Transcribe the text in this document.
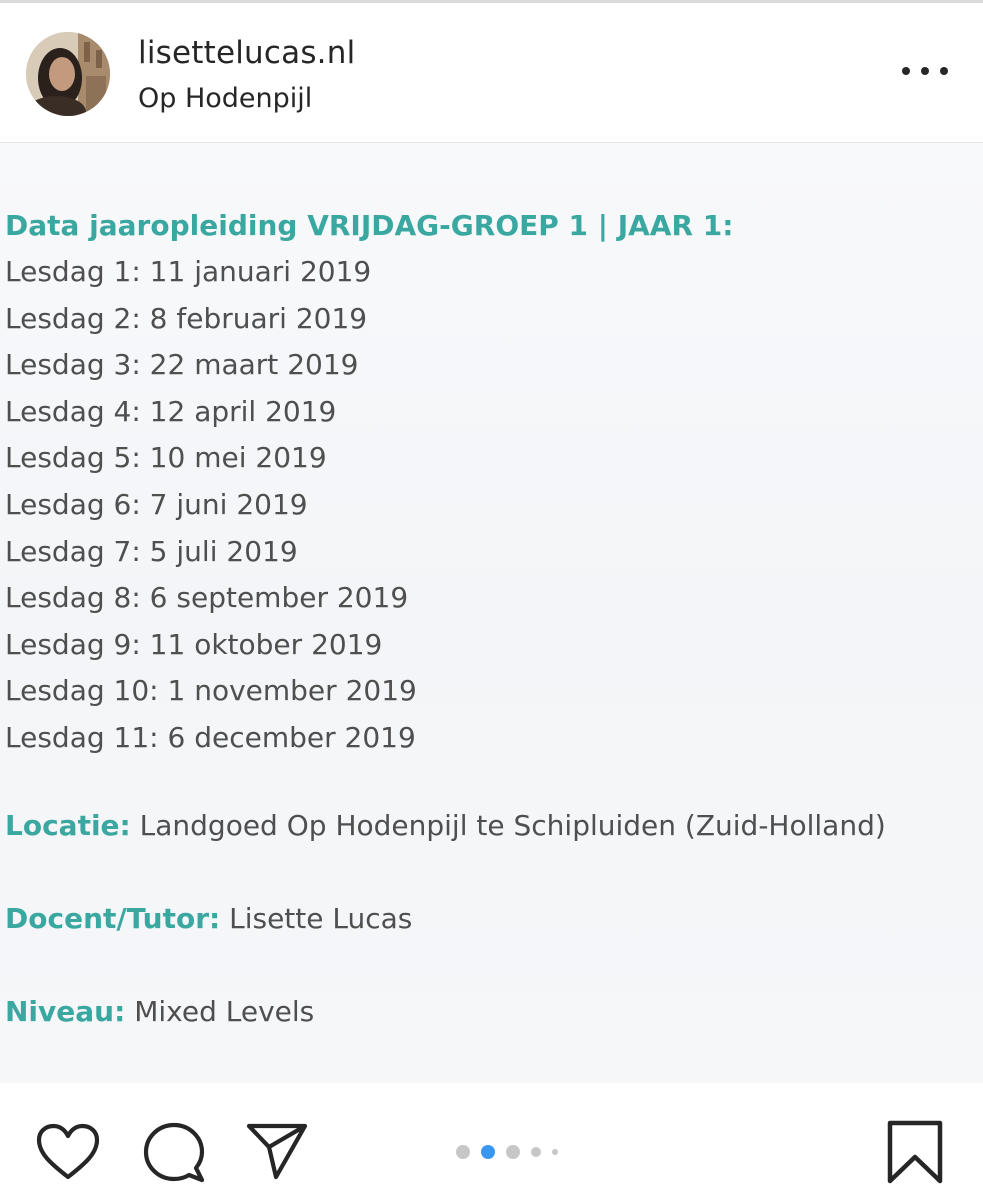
lisettelucas.nl
Op Hodenpijl
Data jaaropleiding VRIJDAG-GROEP 1 | JAAR 1:
Lesdag 1: 11 januari 2019
Lesdag 2: 8 februari 2019
Lesdag 3: 22 maart 2019
Lesdag 4: 12 april 2019
Lesdag 5: 10 mei 2019
Lesdag 6: 7 juni 2019
Lesdag 7: 5 juli 2019
Lesdag 8: 6 september 2019
Lesdag 9: 11 oktober 2019
Lesdag 10: 1 november 2019
Lesdag 11: 6 december 2019
Locatie: Landgoed Op Hodenpijl te Schipluiden (Zuid-Holland)
Docent/Tutor: Lisette Lucas
Niveau: Mixed Levels
